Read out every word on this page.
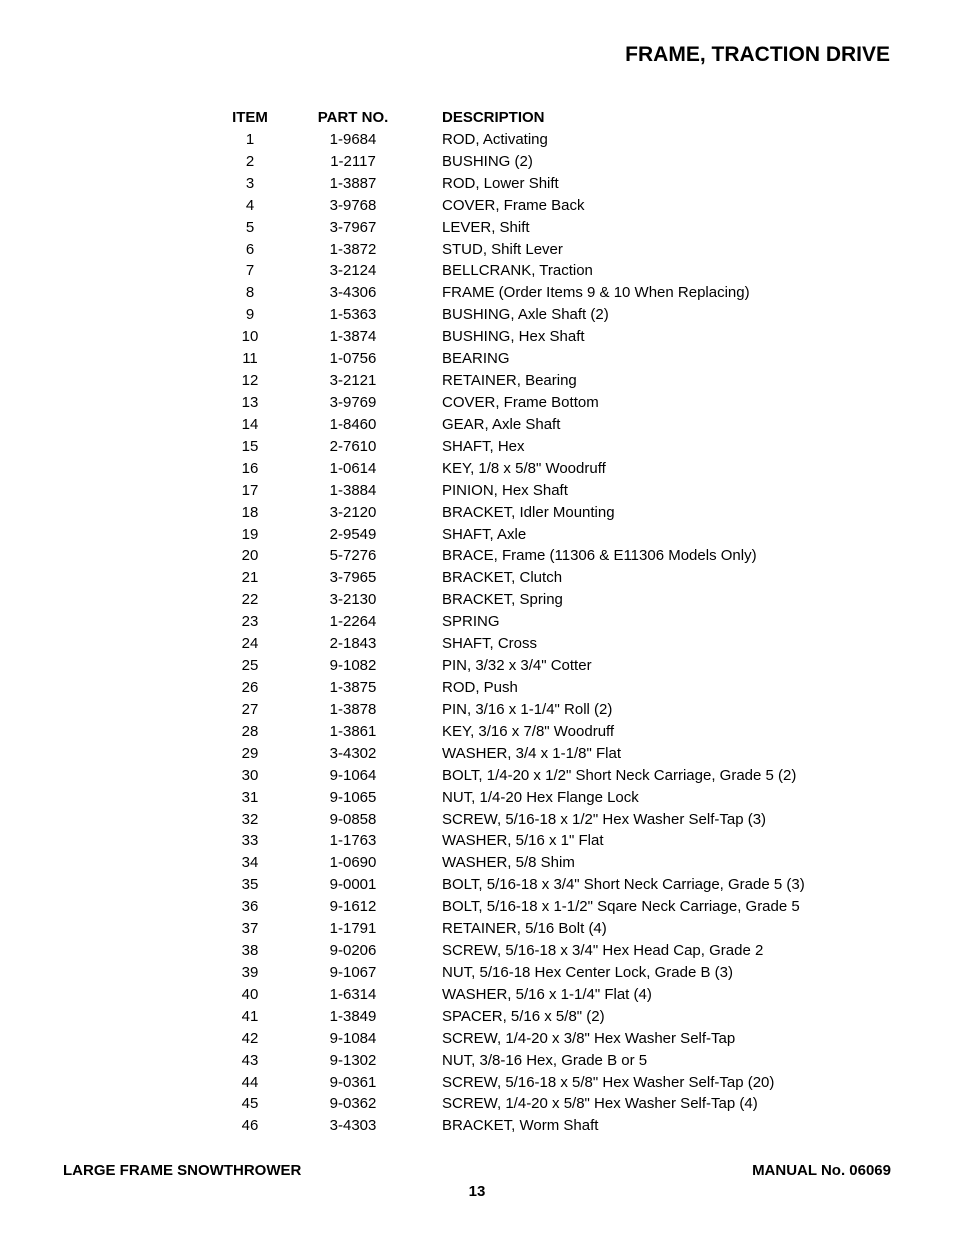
FRAME, TRACTION DRIVE
ITEM	PART NO.	DESCRIPTION
1	1-9684	ROD, Activating
2	1-2117	BUSHING (2)
3	1-3887	ROD, Lower Shift
4	3-9768	COVER, Frame Back
5	3-7967	LEVER, Shift
6	1-3872	STUD, Shift Lever
7	3-2124	BELLCRANK, Traction
8	3-4306	FRAME (Order Items 9 & 10 When Replacing)
9	1-5363	BUSHING, Axle Shaft (2)
10	1-3874	BUSHING, Hex Shaft
11	1-0756	BEARING
12	3-2121	RETAINER, Bearing
13	3-9769	COVER, Frame Bottom
14	1-8460	GEAR, Axle Shaft
15	2-7610	SHAFT, Hex
16	1-0614	KEY, 1/8 x 5/8" Woodruff
17	1-3884	PINION, Hex Shaft
18	3-2120	BRACKET, Idler Mounting
19	2-9549	SHAFT, Axle
20	5-7276	BRACE, Frame (11306 & E11306 Models Only)
21	3-7965	BRACKET, Clutch
22	3-2130	BRACKET, Spring
23	1-2264	SPRING
24	2-1843	SHAFT, Cross
25	9-1082	PIN, 3/32 x 3/4" Cotter
26	1-3875	ROD, Push
27	1-3878	PIN, 3/16 x 1-1/4" Roll (2)
28	1-3861	KEY, 3/16 x 7/8" Woodruff
29	3-4302	WASHER, 3/4 x 1-1/8" Flat
30	9-1064	BOLT, 1/4-20 x 1/2" Short Neck Carriage, Grade 5 (2)
31	9-1065	NUT, 1/4-20 Hex Flange Lock
32	9-0858	SCREW, 5/16-18 x 1/2" Hex Washer Self-Tap (3)
33	1-1763	WASHER, 5/16 x 1" Flat
34	1-0690	WASHER, 5/8 Shim
35	9-0001	BOLT, 5/16-18 x 3/4" Short Neck Carriage, Grade 5 (3)
36	9-1612	BOLT, 5/16-18 x 1-1/2" Sqare Neck Carriage, Grade 5
37	1-1791	RETAINER, 5/16 Bolt (4)
38	9-0206	SCREW, 5/16-18 x 3/4" Hex Head Cap, Grade 2
39	9-1067	NUT, 5/16-18 Hex Center Lock, Grade B (3)
40	1-6314	WASHER, 5/16 x 1-1/4" Flat (4)
41	1-3849	SPACER, 5/16 x 5/8" (2)
42	9-1084	SCREW, 1/4-20 x 3/8" Hex Washer Self-Tap
43	9-1302	NUT, 3/8-16 Hex, Grade B or 5
44	9-0361	SCREW, 5/16-18 x 5/8" Hex Washer Self-Tap (20)
45	9-0362	SCREW, 1/4-20 x 5/8" Hex Washer Self-Tap (4)
46	3-4303	BRACKET, Worm Shaft
LARGE FRAME SNOWTHROWER	MANUAL No. 06069
13
